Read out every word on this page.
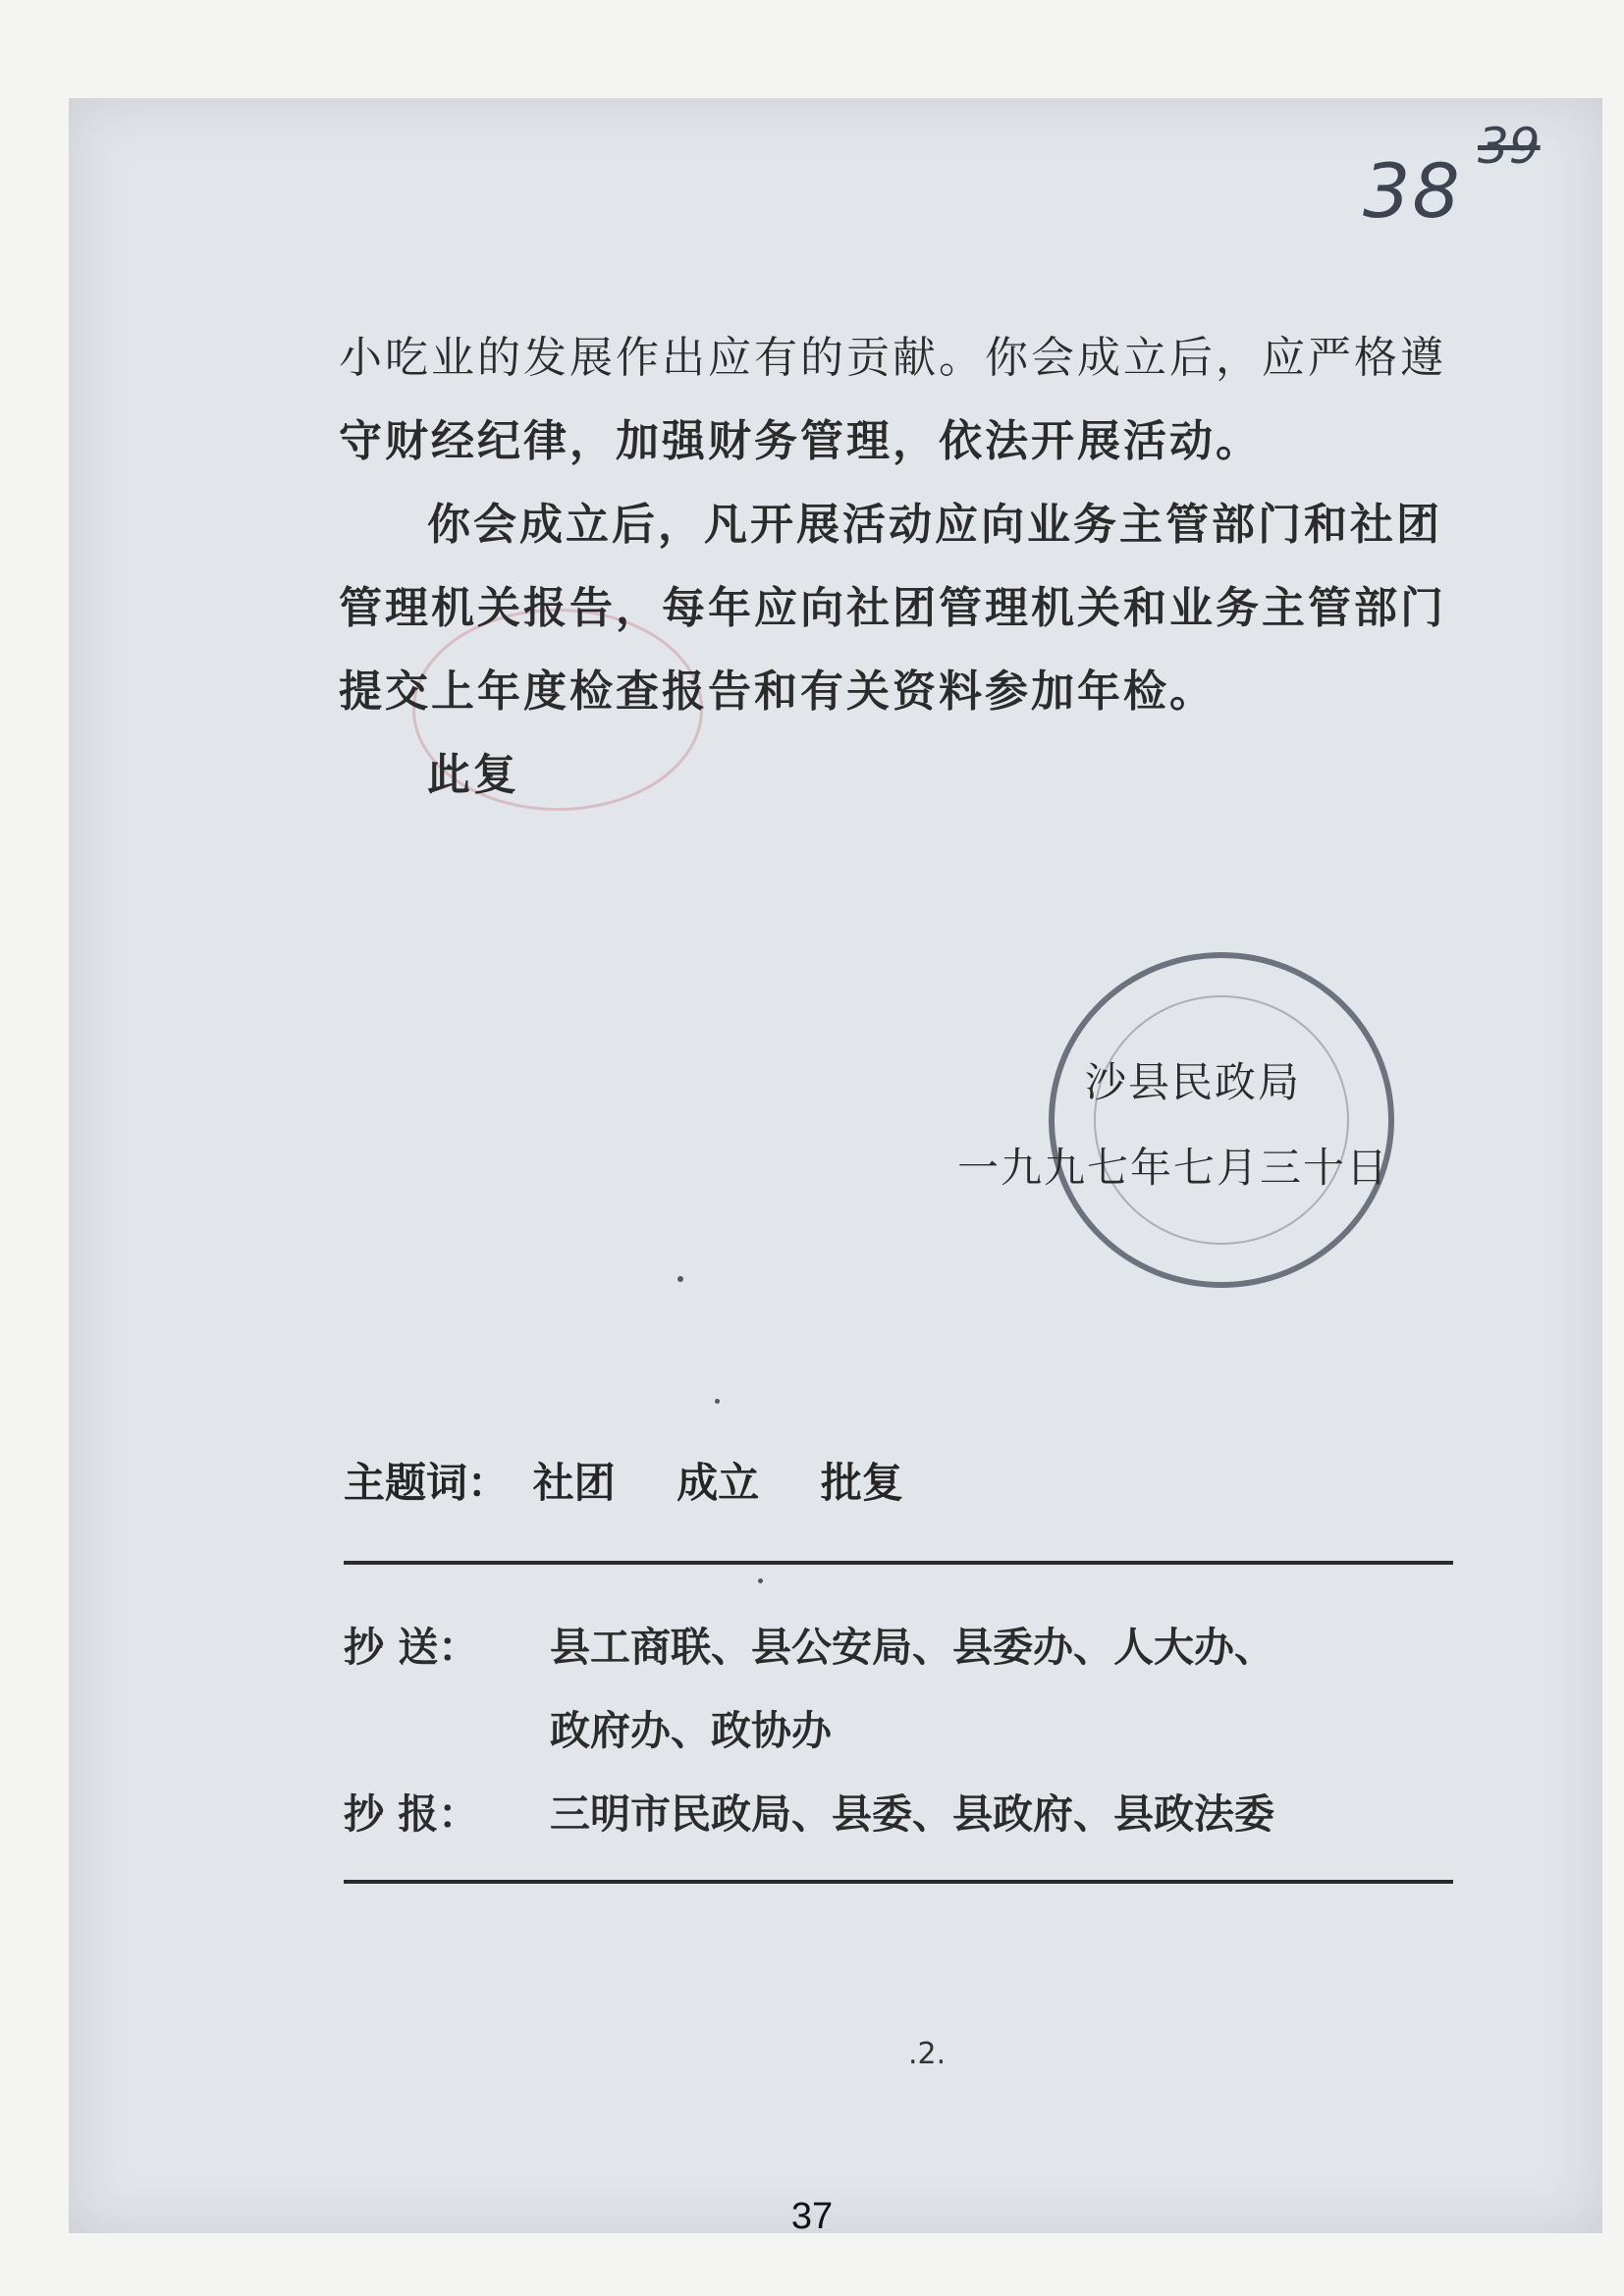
38
39
小吃业的发展作出应有的贡献。你会成立后，应严格遵
守财经纪律，加强财务管理，依法开展活动。
你会成立后，凡开展活动应向业务主管部门和社团
管理机关报告，每年应向社团管理机关和业务主管部门
提交上年度检查报告和有关资料参加年检。
此复
沙县民政局
一九九七年七月三十日
主题词： 社团 成立 批复
抄 送： 县工商联、县公安局、县委办、人大办、
政府办、政协办
抄 报： 三明市民政局、县委、县政府、县政法委
.2.
37
